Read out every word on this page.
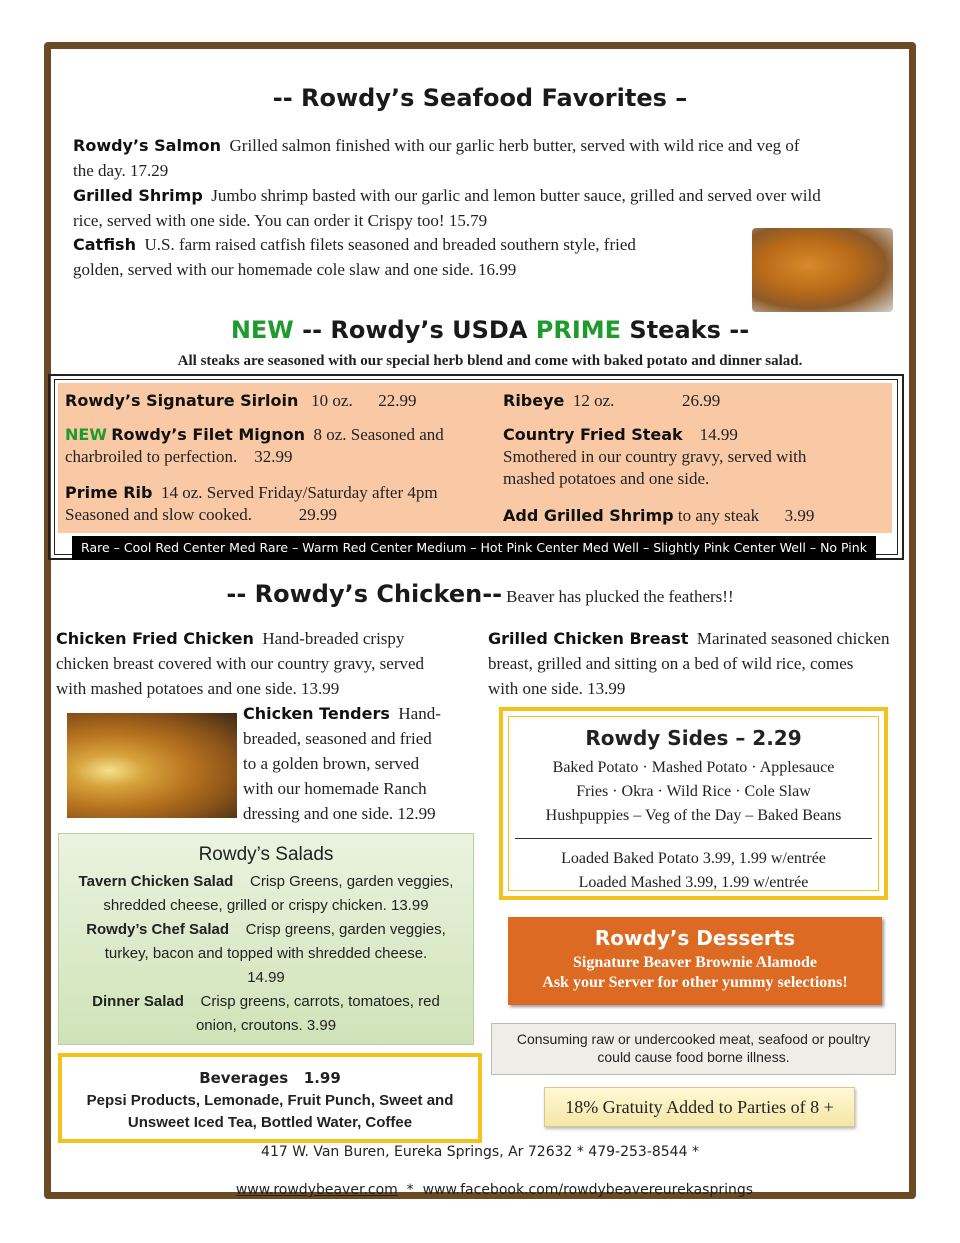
-- Rowdy’s Seafood Favorites –
Rowdy’s Salmon Grilled salmon finished with our garlic herb butter, served with wild rice and veg of
the day. 17.29
Grilled Shrimp Jumbo shrimp basted with our garlic and lemon butter sauce, grilled and served over wild
rice, served with one side. You can order it Crispy too! 15.79
Catfish U.S. farm raised catfish filets seasoned and breaded southern style, fried
golden, served with our homemade cole slaw and one side. 16.99
NEW -- Rowdy’s USDA PRIME Steaks --
All steaks are seasoned with our special herb blend and come with baked potato and dinner salad.
Rowdy’s Signature Sirloin 10 oz. 22.99
NEW Rowdy’s Filet Mignon 8 oz. Seasoned and
charbroiled to perfection. 32.99
Prime Rib 14 oz. Served Friday/Saturday after 4pm
Seasoned and slow cooked.	29.99
Ribeye 12 oz.	26.99
Country Fried Steak 14.99
Smothered in our country gravy, served with
mashed potatoes and one side.
Add Grilled Shrimp to any steak 3.99
Rare – Cool Red Center Med Rare – Warm Red Center Medium – Hot Pink Center Med Well – Slightly Pink Center Well – No Pink
-- Rowdy’s Chicken-- Beaver has plucked the feathers!!
Chicken Fried Chicken Hand-breaded crispy
chicken breast covered with our country gravy, served
with mashed potatoes and one side. 13.99
Grilled Chicken Breast Marinated seasoned chicken
breast, grilled and sitting on a bed of wild rice, comes
with one side. 13.99
Chicken Tenders Hand-
breaded, seasoned and fried
to a golden brown, served
with our homemade Ranch
dressing and one side. 12.99
Rowdy’s Salads
Tavern Chicken Salad Crisp Greens, garden veggies,
shredded cheese, grilled or crispy chicken. 13.99
Rowdy’s Chef Salad Crisp greens, garden veggies,
turkey, bacon and topped with shredded cheese.
14.99
Dinner Salad Crisp greens, carrots, tomatoes, red
onion, croutons. 3.99
Beverages   1.99
Pepsi Products, Lemonade, Fruit Punch, Sweet and
Unsweet Iced Tea, Bottled Water, Coffee
Rowdy Sides – 2.29
Baked Potato · Mashed Potato · Applesauce
Fries · Okra · Wild Rice · Cole Slaw
Hushpuppies – Veg of the Day – Baked Beans
Loaded Baked Potato 3.99, 1.99 w/entrée
Loaded Mashed 3.99, 1.99 w/entrée
Rowdy’s Desserts
Signature Beaver Brownie Alamode
Ask your Server for other yummy selections!
Consuming raw or undercooked meat, seafood or poultry
could cause food borne illness.
18% Gratuity Added to Parties of 8 +
417 W. Van Buren, Eureka Springs, Ar 72632 * 479-253-8544 *

www.rowdybeaver.com  *  www.facebook.com/rowdybeavereurekasprings
